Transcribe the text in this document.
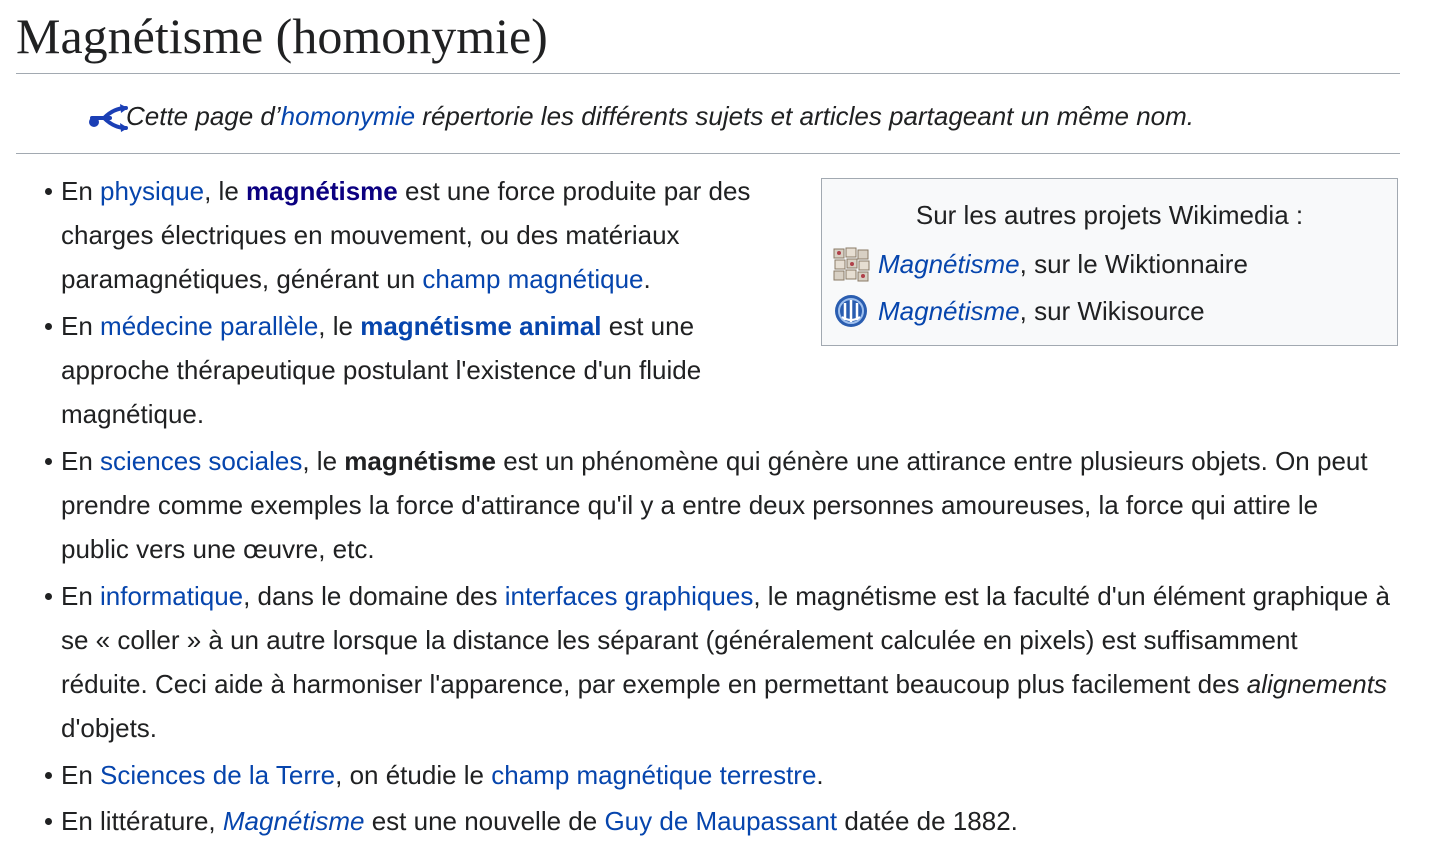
Magnétisme (homonymie)
Cette page d’homonymie répertorie les différents sujets et articles partageant un même nom.
Sur les autres projets Wikimedia :
Magnétisme , sur le Wiktionnaire
Magnétisme , sur Wikisource
En physique, le magnétisme est une force produite par des charges électriques en mouvement, ou des matériaux paramagnétiques, générant un champ magnétique.
En médecine parallèle, le magnétisme animal est une approche thérapeutique postulant l'existence d'un fluide magnétique.
En sciences sociales, le magnétisme est un phénomène qui génère une attirance entre plusieurs objets. On peut prendre comme exemples la force d'attirance qu'il y a entre deux personnes amoureuses, la force qui attire le public vers une œuvre, etc.
En informatique, dans le domaine des interfaces graphiques, le magnétisme est la faculté d'un élément graphique à se « coller » à un autre lorsque la distance les séparant (généralement calculée en pixels) est suffisamment réduite. Ceci aide à harmoniser l'apparence, par exemple en permettant beaucoup plus facilement des alignements d'objets.
En Sciences de la Terre, on étudie le champ magnétique terrestre.
En littérature, Magnétisme est une nouvelle de Guy de Maupassant datée de 1882.
